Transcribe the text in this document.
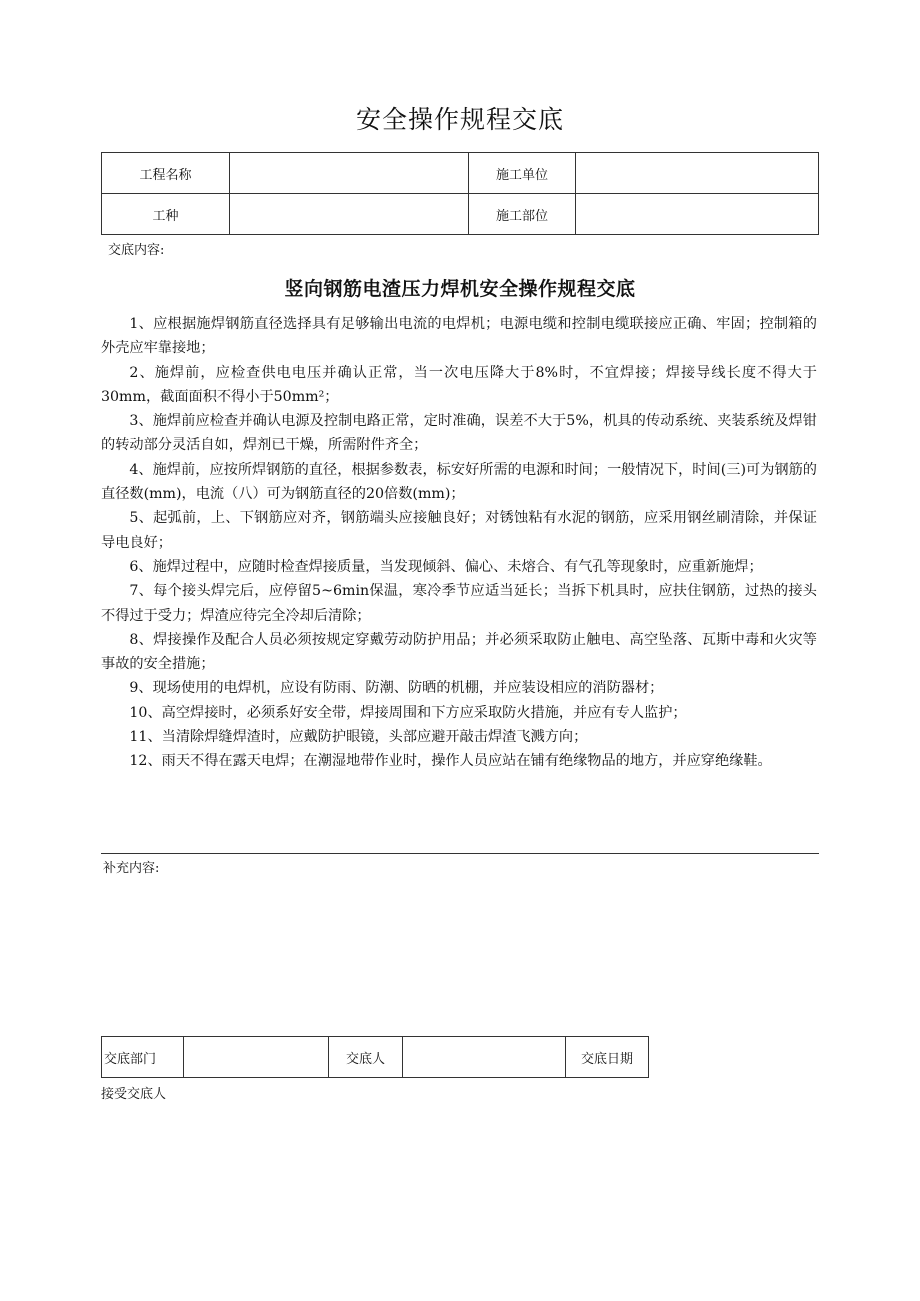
安全操作规程交底
工程名称		施工单位	
工种		施工部位	
交底内容:
竖向钢筋电渣压力焊机安全操作规程交底

1、应根据施焊钢筋直径选择具有足够输出电流的电焊机；电源电缆和控制电缆联接应正确、牢固；控制箱的外壳应牢靠接地；

2、施焊前，应检查供电电压并确认正常，当一次电压降大于8%时，不宜焊接；焊接导线长度不得大于30mm，截面面积不得小于50mm²；

3、施焊前应检查并确认电源及控制电路正常，定时准确，误差不大于5%，机具的传动系统、夹装系统及焊钳的转动部分灵活自如，焊剂已干燥，所需附件齐全；

4、施焊前，应按所焊钢筋的直径，根据参数表，标安好所需的电源和时间；一般情况下，时间(三)可为钢筋的直径数(mm)，电流（八）可为钢筋直径的20倍数(mm)；

5、起弧前，上、下钢筋应对齐，钢筋端头应接触良好；对锈蚀粘有水泥的钢筋，应采用钢丝刷清除，并保证导电良好；

6、施焊过程中，应随时检查焊接质量，当发现倾斜、偏心、未熔合、有气孔等现象时，应重新施焊；

7、每个接头焊完后，应停留5~6min保温，寒冷季节应适当延长；当拆下机具时，应扶住钢筋，过热的接头不得过于受力；焊渣应待完全冷却后清除；

8、焊接操作及配合人员必须按规定穿戴劳动防护用品；并必须采取防止触电、高空坠落、瓦斯中毒和火灾等事故的安全措施；

9、现场使用的电焊机，应设有防雨、防潮、防晒的机棚，并应装设相应的消防器材；

10、高空焊接时，必须系好安全带，焊接周围和下方应采取防火措施，并应有专人监护；

11、当清除焊缝焊渣时，应戴防护眼镜，头部应避开敲击焊渣飞溅方向；

12、雨天不得在露天电焊；在潮湿地带作业时，操作人员应站在铺有绝缘物品的地方，并应穿绝缘鞋。

补充内容:
交底部门		交底人		交底日期
接受交底人
